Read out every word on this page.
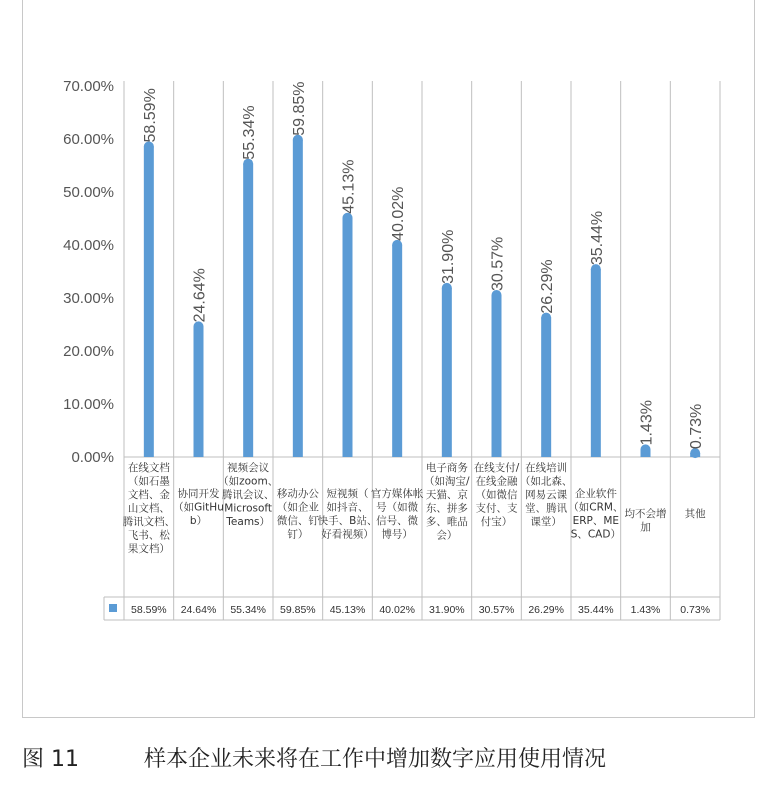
0.00%
10.00%
20.00%
30.00%
40.00%
50.00%
60.00%
70.00%
58.59%
在线文档（如石墨文档、金山文档、腾讯文档、飞书、松果文档）
58.59%
24.64%
协同开发（如GitHu b）
24.64%
55.34%
视频会议（如zoom、腾讯会议、 Microsoft Teams）
55.34%
59.85%
移动办公（如企业微信、钉钉）
59.85%
45.13%
短视频（如抖音、快手、B站、好看视频）
45.13%
40.02%
官方媒体帐号（如微信号、微博号）
40.02%
31.90%
电子商务（如淘宝/天猫、京东、拼多多、唯品会）
31.90%
30.57%
在线支付/在线金融（如微信支付、支付宝）
30.57%
26.29%
在线培训（如北森、网易云课堂、腾讯课堂）
26.29%
35.44%
企业软件（如CRM、 ERP、ME S、CAD）
35.44%
1.43%
均不会增加
1.43%
0.73%
其他
0.73%
图 11	样本企业未来将在工作中增加数字应用使用情况
